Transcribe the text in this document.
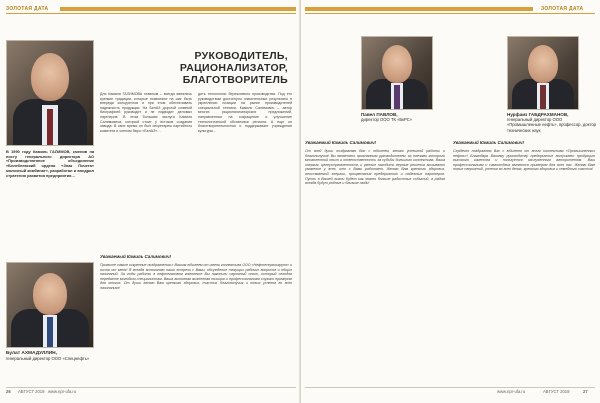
ЗОЛОТАЯ ДАТА
РУКОВОДИТЕЛЬ,
РАЦИОНАЛИЗАТОР,
БЛАГОТВОРИТЕЛЬ
В 1990 году Камиль ГАЛИМОВ, сменив на посту генерального директора АО «Производственное объединение «Белебеевский ордена «Знак Почета» молочный комбинат», разработал и внедрил стратегию развития предприятия…
Для Камиля ГАЛИМОВА главным – всегда являлись крепкие традиции, которые позволяют на шаг быть впереди конкурентов и при этом обеспечивать надежность продукции. На БелАЗ дорогой славной биографией руководит и не подводит деловых партнеров. В этом большая заслуга Камиля Салимовича, который стоит у истоков создания завода. В свое время он был секретарем партийного комитета и членом бюро «БелАЗ»…
дить технологии бережливого производства. Под его руководством достигнуты значительные результаты в укреплении позиции на рынке производителей специальной техники. Камиль Салимович – автор многих рационализаторских предложений, направленных на сокращение и улучшение технологической обстановки региона. А еще он благотворительностью и поддерживает учреждения культуры…
Уважаемый Камиль Салимович!
Примите самые искренние поздравления с Вашим юбилеем от имени коллектива ООО «Нефтесервисгрупп» и лично от меня! Я всегда вспоминаю наши встречи с Вами, обсуждение текущих рабочих вопросов и общих начинаний. За годы работы в нефтегазовом комплексе Вы накопили огромный опыт, который сегодня передаете молодым специалистам. Ваша активная жизненная позиция и профессионализм служат примером для многих. От души желаю Вам крепкого здоровья, счастья, благополучия и новых успехов во всех начинаниях!
Булат АХМАДУЛЛИН,
генеральный директор ООО «Спецнефть»
26 АВГУСТ 2019 www.npr-ufa.ru
ЗОЛОТАЯ ДАТА
Павел ПАВЛОВ,
директор ООО ТК «БкРС»
Нурфаиз ГАБДРАХМАНОВ,
генеральный директор ООО «Промышленные нефть», профессор, доктор технических наук
Уважаемый Камиль Салимович!
От всей души поздравляю Вас с юбилеем, желаю успешной работы и благополучия! Вы являетесь признанным руководителем, за плечами которого многолетний опыт и ответственность за судьбы большого коллектива. Ваша энергия, целеустремленность и умение находить верные решения вызывают уважение у всех, кто с Вами работает. Желаю Вам крепкого здоровья, неиссякаемой энергии, процветания предприятию и надежных партнеров. Пусть в Вашей жизни будет как можно больше радостных событий, а рядом всегда будут родные и близкие люди!
Уважаемый Камиль Салимович!
Сердечно поздравляю Вас с юбилеем от всего коллектива «Промышленных нефть»! Благодаря Вашему руководству предприятие выпускает продукцию высокого качества и пользуется заслуженным авторитетом. Ваш профессионализм и самоотдача являются примером для всех нас. Желаю Вам новых свершений, успехов во всех делах, крепкого здоровья и семейного счастья!
www.npr-ufa.ru	АВГУСТ 2019	27
